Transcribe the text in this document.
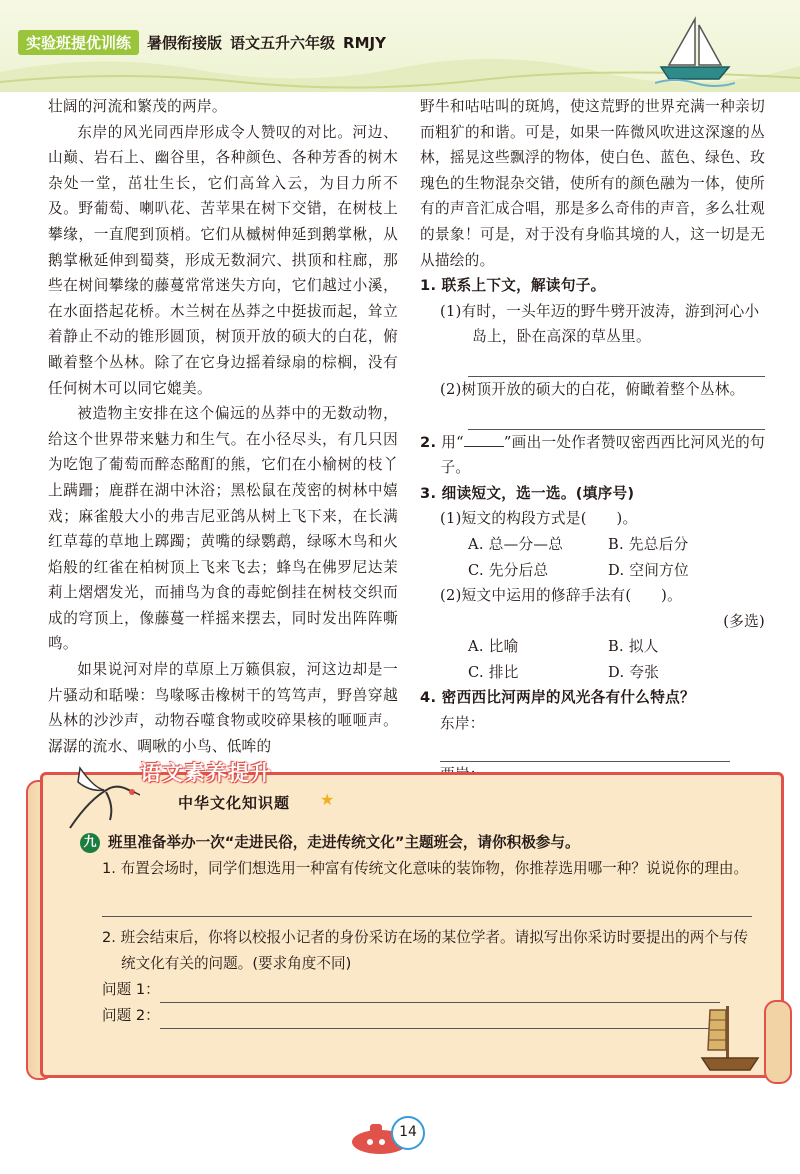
实验班提优训练	暑假衔接版 语文五升六年级 RMJY

壮阔的河流和繁茂的两岸。

东岸的风光同西岸形成令人赞叹的对比。河边、山巅、岩石上、幽谷里，各种颜色、各种芳香的树木杂处一堂，茁壮生长，它们高耸入云，为目力所不及。野葡萄、喇叭花、苦苹果在树下交错，在树枝上攀缘，一直爬到顶梢。它们从槭树伸延到鹅掌楸，从鹅掌楸延伸到蜀葵，形成无数洞穴、拱顶和柱廊，那些在树间攀缘的藤蔓常常迷失方向，它们越过小溪，在水面搭起花桥。木兰树在丛莽之中挺拔而起，耸立着静止不动的锥形圆顶，树顶开放的硕大的白花，俯瞰着整个丛林。除了在它身边摇着绿扇的棕榈，没有任何树木可以同它媲美。

被造物主安排在这个偏远的丛莽中的无数动物，给这个世界带来魅力和生气。在小径尽头，有几只因为吃饱了葡萄而醉态酩酊的熊，它们在小榆树的枝丫上蹒跚；鹿群在湖中沐浴；黑松鼠在茂密的树林中嬉戏；麻雀般大小的弗吉尼亚鸽从树上飞下来，在长满红草莓的草地上踯躅；黄嘴的绿鹦鹉，绿啄木鸟和火焰般的红雀在柏树顶上飞来飞去；蜂鸟在佛罗尼达茉莉上熠熠发光，而捕鸟为食的毒蛇倒挂在树枝交织而成的穹顶上，像藤蔓一样摇来摆去，同时发出阵阵嘶鸣。

如果说河对岸的草原上万籁俱寂，河这边却是一片骚动和聒噪：鸟喙啄击橡树干的笃笃声，野兽穿越丛林的沙沙声，动物吞噬食物或咬碎果核的咂咂声。潺潺的流水、啁啾的小鸟、低哞的

野牛和咕咕叫的斑鸠，使这荒野的世界充满一种亲切而粗犷的和谐。可是，如果一阵微风吹进这深邃的丛林，摇晃这些飘浮的物体，使白色、蓝色、绿色、玫瑰色的生物混杂交错，使所有的颜色融为一体，使所有的声音汇成合唱，那是多么奇伟的声音，多么壮观的景象！可是，对于没有身临其境的人，这一切是无从描绘的。

1. 联系上下文，解读句子。

(1)有时，一头年迈的野牛劈开波涛，游到河心小岛上，卧在高深的草丛里。

(2)树顶开放的硕大的白花，俯瞰着整个丛林。

2. 用“	”画出一处作者赞叹密西西比河风光的句子。

3. 细读短文，选一选。(填序号)

(1)短文的构段方式是(　　)。

A. 总—分—总	B. 先总后分
C. 先分后总	D. 空间方位

(2)短文中运用的修辞手法有(　　)。

(多选)

A. 比喻	B. 拟人
C. 排比	D. 夸张

4. 密西西比河两岸的风光各有什么特点？

东岸：

语文素养提升
中华文化知识题 ★

九 班里准备举办一次“走进民俗，走进传统文化”主题班会，请你积极参与。

1. 布置会场时，同学们想选用一种富有传统文化意味的装饰物，你推荐选用哪一种？说说你的理由。

2. 班会结束后，你将以校报小记者的身份采访在场的某位学者。请拟写出你采访时要提出的两个与传统文化有关的问题。(要求角度不同)

问题 1：

问题 2：

14
